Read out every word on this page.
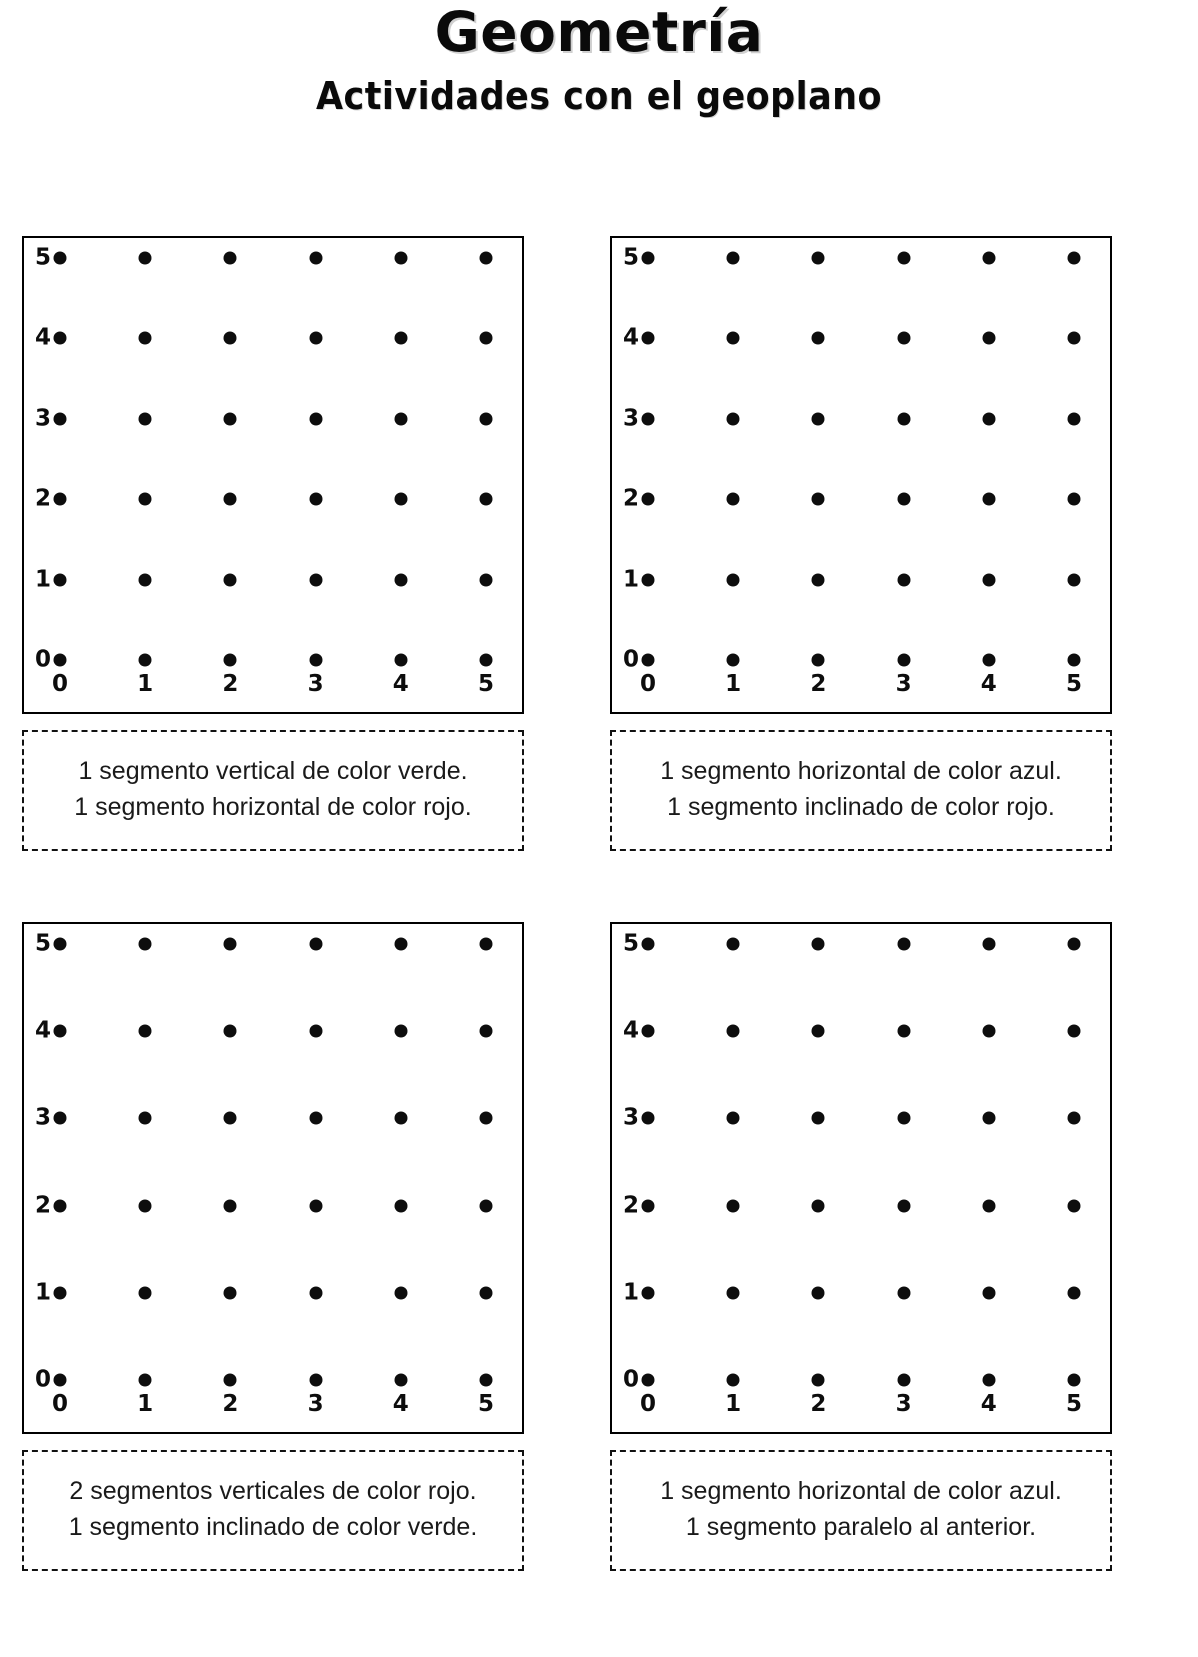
Geometría
Actividades con el geoplano
5
4
3
2
1
0
0	1	2	3	4	5
1 segmento vertical de color verde.
1 segmento horizontal de color rojo.
5
4
3
2
1
0
0	1	2	3	4	5
1 segmento horizontal de color azul.
1 segmento inclinado de color rojo.
5
4
3
2
1
0
0	1	2	3	4	5
2 segmentos verticales de color rojo.
1 segmento inclinado de color verde.
5
4
3
2
1
0
0	1	2	3	4	5
1 segmento horizontal de color azul.
1 segmento paralelo al anterior.
